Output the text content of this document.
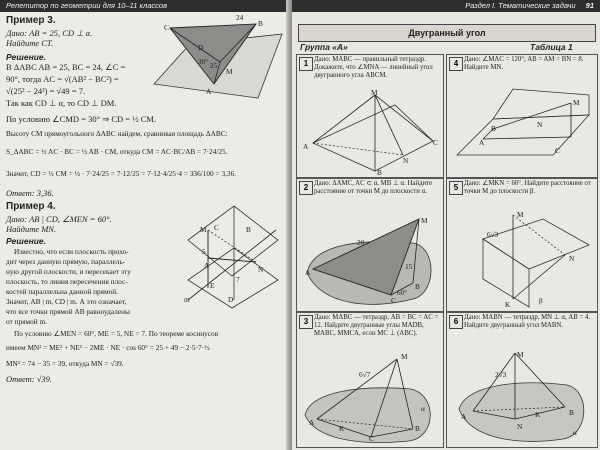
Репетитор по геометрии для 10–11 классов
Пример 3.
Дано: AB = 25, CD ⊥ α.
Найдите CT.
Решение.
В ΔABC AB = 25, BC = 24, ∠C =
90°, тогда AC = √(AB² − BC²) =
√(25² − 24²) = √49 = 7.
Так как CD ⊥ α, то CD ⊥ DM.
По условию ∠CMD = 30° ⇒ CD = ½ CM.
Высоту CM прямоугольного ΔABC найдем, сравнивая площадь ΔABC:
S_ΔABC = ½ AC · BC = ½ AB · CM, откуда CM = AC·BC/AB = 7·24/25.
Значит, CD = ½ CM = ½ · 7·24/25 = 7·12/25 = 7·12·4/25·4 = 336/100 = 3,36.
Ответ: 3,36.
24
30° 25
C
M
D
A
B
Пример 4.
Дано: AB | CD, ∠MEN = 60°.
Найдите MN.
Решение.
Известно, что если плоскость прохо-
дит через данную прямую, параллель-
ную другой плоскости, и пересекает эту
плоскость, то линия пересечения плос-
костей параллельна данной прямой.
Значит, AB | m, CD | m. А это означает,
что все точки прямой AB равноудалены
от прямой m.
По условию ∠MEN = 60°, ME = 5, NE = 7. По теореме косинусов
имеем MN² = ME² + NE² − 2ME · NE · cos 60° = 25 + 49 − 2·5·7·½
MN² = 74 − 35 = 39, откуда MN = √39.
Ответ: √39.
C
A
M
N
E
5
7
B
D
m
Раздел I. Тематические задачи 91
Двугранный угол
Группа «А»	Таблица 1
1 Дано: MABC — правильный тетраэдр. Докажите, что ∠MNA — линейный угол двугранного угла ABCM.
M
A	C
N
B
4 Дано: ∠MAC = 120°; AB = AM = BN = 8. Найдите MN.
M
A
B
C
N
2 Дано: ΔAMC, AC ⊂ α, MB ⊥ α. Найдите расстояние от точки M до плоскости α.
20
15
60°
A
B
C
M
5 Дано: ∠MKN = 60°. Найдите расстояние от точки M до плоскости β.
6√3
K
M
N
β
3 Дано: MABC — тетраэдр, AB = BC = AC = 12. Найдите двугранные углы MADB, MABC, MMCA, если MC ⊥ (ABC).
6√7
M
A
B
C
K
α
6 Дано: MABN — тетраэдр, MN ⊥ α, AB = 4. Найдите двугранный угол MABN.
2√3
M
A	B
N
K
α
